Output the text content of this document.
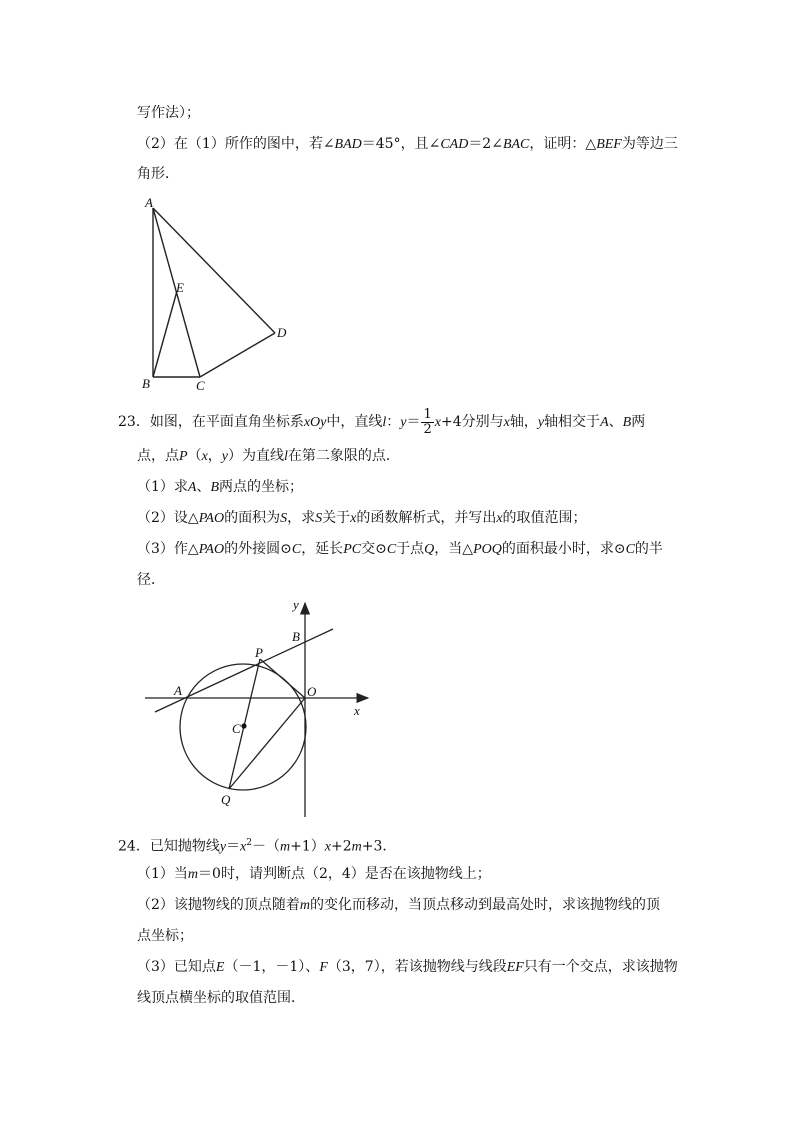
写作法）；
（2）在（1）所作的图中，若∠BAD＝45°，且∠CAD＝2∠BAC，证明：△BEF为等边三
角形．
A
E
D
B	C
23．如图，在平面直角坐标系xOy中，直线l：$y= \frac{1}{2} x+4$分别与x轴，y轴相交于A、B两
点，点P（x，y）为直线l在第二象限的点．
（1）求A、B两点的坐标；
（2）设△PAO的面积为S，求S关于x的函数解析式，并写出x的取值范围；
（3）作△PAO的外接圆⊙C，延长PC交⊙C于点Q，当△POQ的面积最小时，求⊙C的半
径．
y
x
B
P
A	O
C
Q
24．已知抛物线$y=x^2-(m+1)x+2m+3$．
（1）当m＝0时，请判断点（2，4）是否在该抛物线上；
（2）该抛物线的顶点随着m的变化而移动，当顶点移动到最高处时，求该抛物线的顶
点坐标；
（3）已知点E（－1，－1）、F（3，7），若该抛物线与线段EF只有一个交点，求该抛物
线顶点横坐标的取值范围．
